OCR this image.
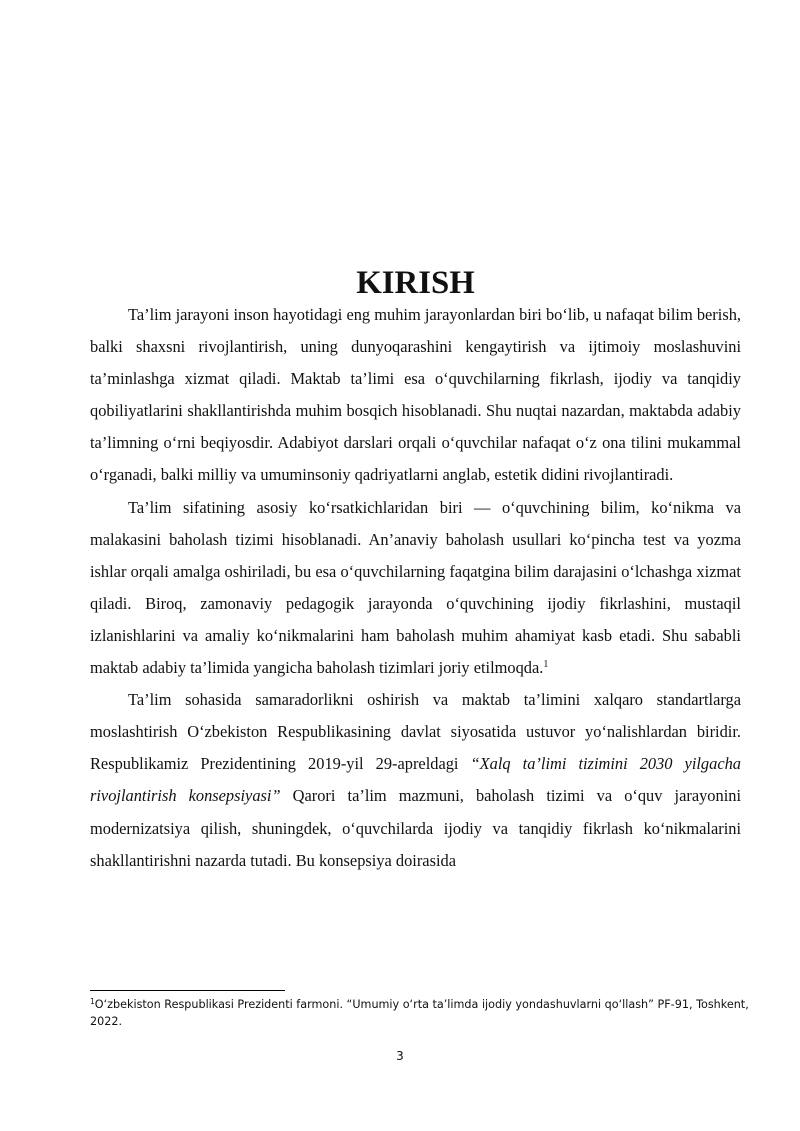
KIRISH

Ta’lim jarayoni inson hayotidagi eng muhim jarayonlardan biri boʻlib, u nafaqat bilim berish, balki shaxsni rivojlantirish, uning dunyoqarashini kengaytirish va ijtimoiy moslashuvini ta’minlashga xizmat qiladi. Maktab ta’limi esa oʻquvchilarning fikrlash, ijodiy va tanqidiy qobiliyatlarini shakllantirishda muhim bosqich hisoblanadi. Shu nuqtai nazardan, maktabda adabiy ta’limning oʻrni beqiyosdir. Adabiyot darslari orqali oʻquvchilar nafaqat oʻz ona tilini mukammal oʻrganadi, balki milliy va umuminsoniy qadriyatlarni anglab, estetik didini rivojlantiradi.

Ta’lim sifatining asosiy koʻrsatkichlaridan biri — oʻquvchining bilim, koʻnikma va malakasini baholash tizimi hisoblanadi. An’anaviy baholash usullari koʻpincha test va yozma ishlar orqali amalga oshiriladi, bu esa oʻquvchilarning faqatgina bilim darajasini oʻlchashga xizmat qiladi. Biroq, zamonaviy pedagogik jarayonda oʻquvchining ijodiy fikrlashini, mustaqil izlanishlarini va amaliy koʻnikmalarini ham baholash muhim ahamiyat kasb etadi. Shu sababli maktab adabiy ta’limida yangicha baholash tizimlari joriy etilmoqda.$^1$

Ta’lim sohasida samaradorlikni oshirish va maktab ta’limini xalqaro standartlarga moslashtirish Oʻzbekiston Respublikasining davlat siyosatida ustuvor yoʻnalishlardan biridir. Respublikamiz Prezidentining 2019-yil 29-apreldagi “Xalq ta’limi tizimini 2030 yilgacha rivojlantirish konsepsiyasi” Qarori ta’lim mazmuni, baholash tizimi va oʻquv jarayonini modernizatsiya qilish, shuningdek, oʻquvchilarda ijodiy va tanqidiy fikrlash koʻnikmalarini shakllantirishni nazarda tutadi. Bu konsepsiya doirasida

$^1$O‘zbekiston Respublikasi Prezidenti farmoni. “Umumiy o‘rta ta’limda ijodiy yondashuvlarni qo‘llash” PF-91, Toshkent, 2022.
3
